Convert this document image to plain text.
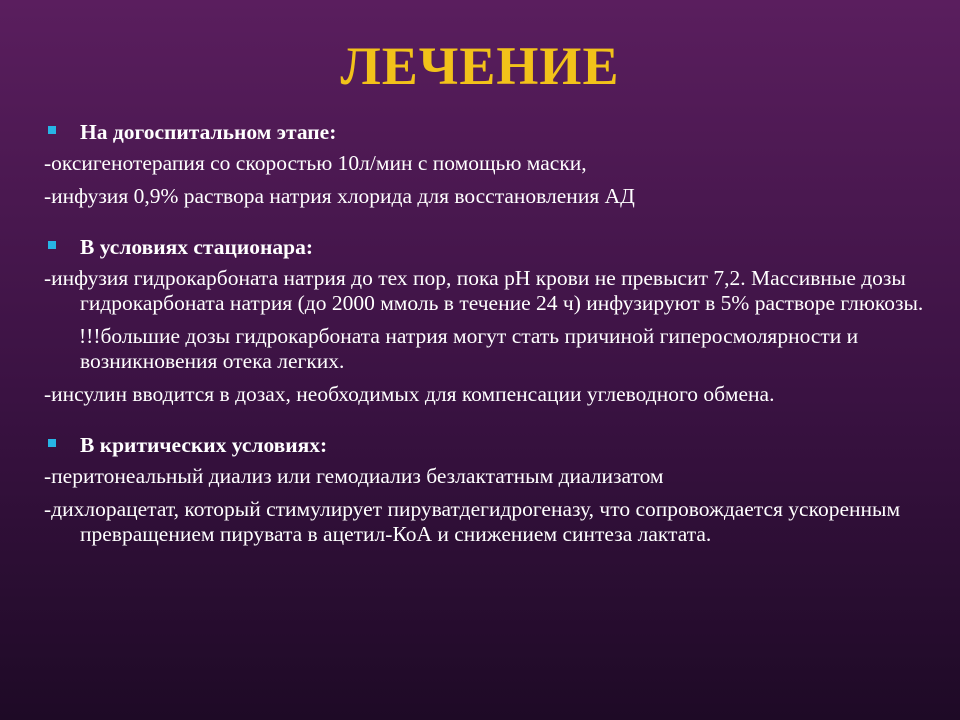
ЛЕЧЕНИЕ
На догоспитальном этапе:
-оксигенотерапия со скоростью 10л/мин с помощью маски,
-инфузия 0,9% раствора натрия хлорида для восстановления АД
В условиях стационара:
-инфузия гидрокарбоната натрия до тех пор, пока pH крови не превысит 7,2. Массивные дозы гидрокарбоната натрия (до 2000 ммоль в течение 24 ч) инфузируют в 5% растворе глюкозы.
!!!большие дозы гидрокарбоната натрия могут стать причиной гиперосмолярности и возникновения отека легких.
-инсулин вводится в дозах, необходимых для компенсации углеводного обмена.
В критических условиях:
-перитонеальный диализ или гемодиализ безлактатным диализатом
-дихлорацетат, который стимулирует пируватдегидрогеназу, что сопровождается ускоренным превращением пирувата в ацетил-КоА и снижением синтеза лактата.
